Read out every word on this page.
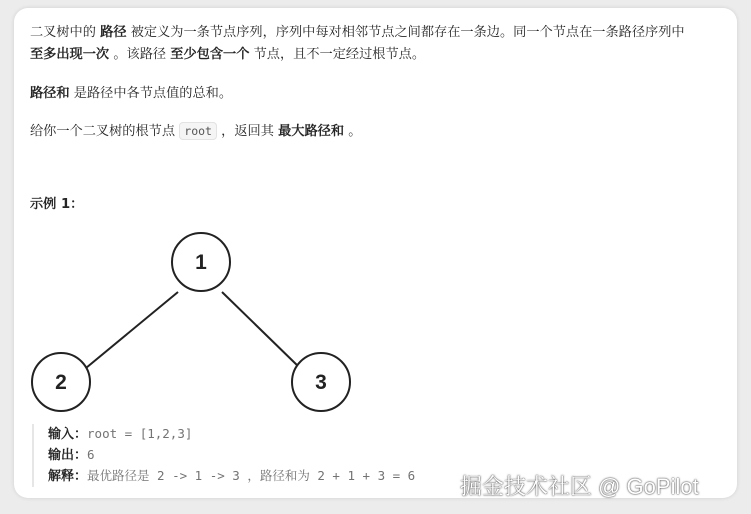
二叉树中的 路径 被定义为一条节点序列，序列中每对相邻节点之间都存在一条边。同一个节点在一条路径序列中
至多出现一次 。该路径 至少包含一个 节点，且不一定经过根节点。
路径和 是路径中各节点值的总和。
给你一个二叉树的根节点 root ，返回其 最大路径和 。
示例 1：
1
2	3
输入：root = [1,2,3]
输出：6
解释：最优路径是 2 -> 1 -> 3 ，路径和为 2 + 1 + 3 = 6 掘金技术社区 @ GoPilot
